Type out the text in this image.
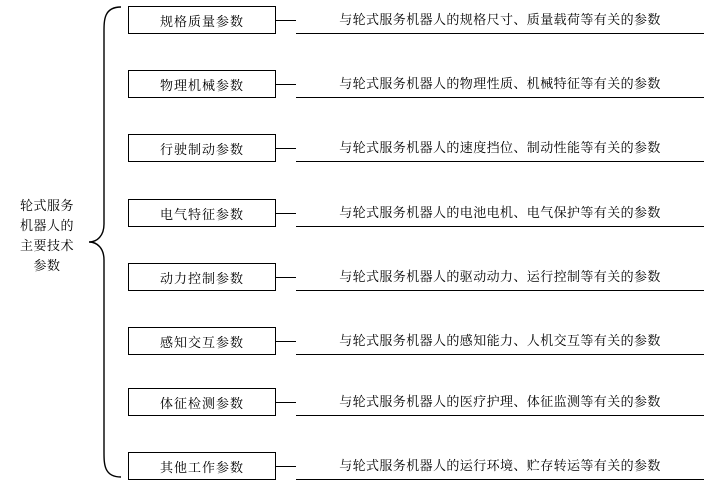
轮式服务
机器人的
主要技术
参数
规格质量参数	与轮式服务机器人的规格尺寸、质量载荷等有关的参数
物理机械参数	与轮式服务机器人的物理性质、机械特征等有关的参数
行驶制动参数	与轮式服务机器人的速度挡位、制动性能等有关的参数
电气特征参数	与轮式服务机器人的电池电机、电气保护等有关的参数
动力控制参数	与轮式服务机器人的驱动动力、运行控制等有关的参数
感知交互参数	与轮式服务机器人的感知能力、人机交互等有关的参数
体征检测参数	与轮式服务机器人的医疗护理、体征监测等有关的参数
其他工作参数	与轮式服务机器人的运行环境、贮存转运等有关的参数
